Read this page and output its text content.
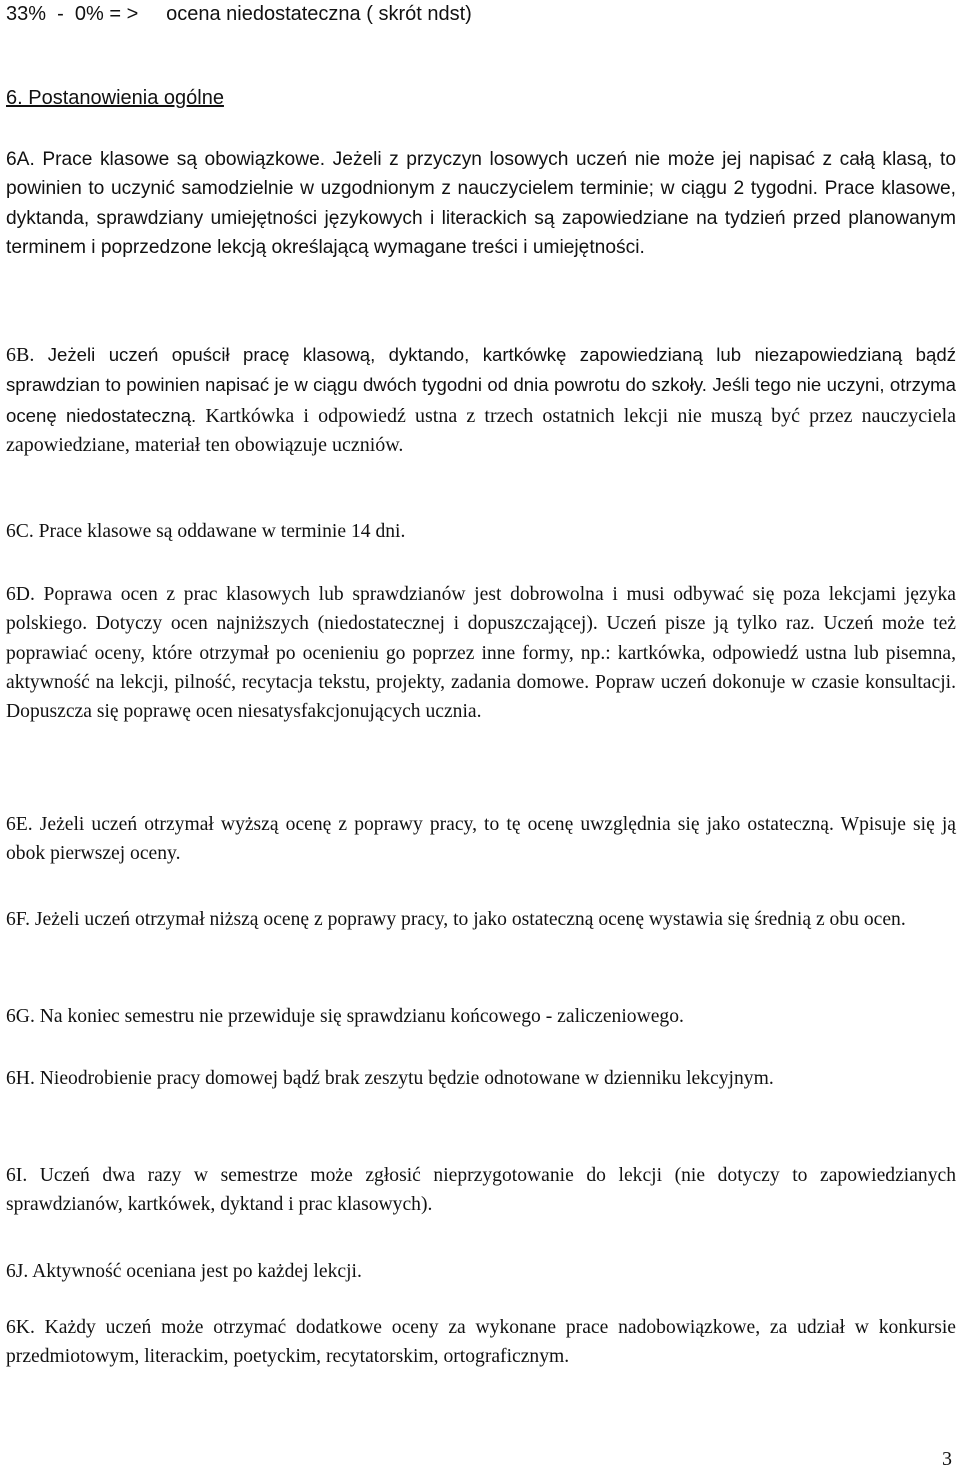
33%  -  0% = >     ocena niedostateczna ( skrót ndst)
6. Postanowienia ogólne

6A. Prace klasowe są obowiązkowe. Jeżeli z przyczyn losowych uczeń nie może jej napisać z całą klasą, to powinien to uczynić samodzielnie w uzgodnionym z nauczycielem terminie; w ciągu 2 tygodni. Prace klasowe, dyktanda, sprawdziany umiejętności językowych i literackich są zapowiedziane na tydzień przed planowanym terminem i poprzedzone lekcją określającą wymagane treści i umiejętności.

6B. Jeżeli uczeń opuścił pracę klasową, dyktando, kartkówkę zapowiedzianą lub niezapowiedzianą bądź sprawdzian to powinien napisać je w ciągu dwóch tygodni od dnia powrotu do szkoły. Jeśli tego nie uczyni, otrzyma ocenę niedostateczną. Kartkówka i odpowiedź ustna z trzech ostatnich lekcji nie muszą być przez nauczyciela zapowiedziane, materiał ten obowiązuje uczniów.

6C. Prace klasowe są oddawane w terminie 14 dni.

6D. Poprawa ocen z prac klasowych lub sprawdzianów jest dobrowolna i musi odbywać się poza lekcjami języka polskiego. Dotyczy ocen najniższych (niedostatecznej i dopuszczającej). Uczeń pisze ją tylko raz. Uczeń może też poprawiać oceny, które otrzymał po ocenieniu go poprzez inne formy, np.: kartkówka, odpowiedź ustna lub pisemna, aktywność na lekcji, pilność, recytacja tekstu, projekty, zadania domowe. Popraw uczeń dokonuje w czasie konsultacji. Dopuszcza się poprawę ocen niesatysfakcjonujących ucznia.

6E. Jeżeli uczeń otrzymał wyższą ocenę z poprawy pracy, to tę ocenę uwzględnia się jako ostateczną. Wpisuje się ją obok pierwszej oceny.

6F. Jeżeli uczeń otrzymał niższą ocenę z poprawy pracy, to jako ostateczną ocenę wystawia się średnią z obu ocen.

6G. Na koniec semestru nie przewiduje się sprawdzianu końcowego - zaliczeniowego.

6H. Nieodrobienie pracy domowej bądź brak zeszytu będzie odnotowane w dzienniku lekcyjnym.

6I. Uczeń dwa razy w semestrze może zgłosić nieprzygotowanie do lekcji (nie dotyczy to zapowiedzianych sprawdzianów, kartkówek, dyktand i prac klasowych).

6J. Aktywność oceniana jest po każdej lekcji.

6K. Każdy uczeń może otrzymać dodatkowe oceny za wykonane prace nadobowiązkowe, za udział w konkursie przedmiotowym, literackim, poetyckim, recytatorskim, ortograficznym.

3
